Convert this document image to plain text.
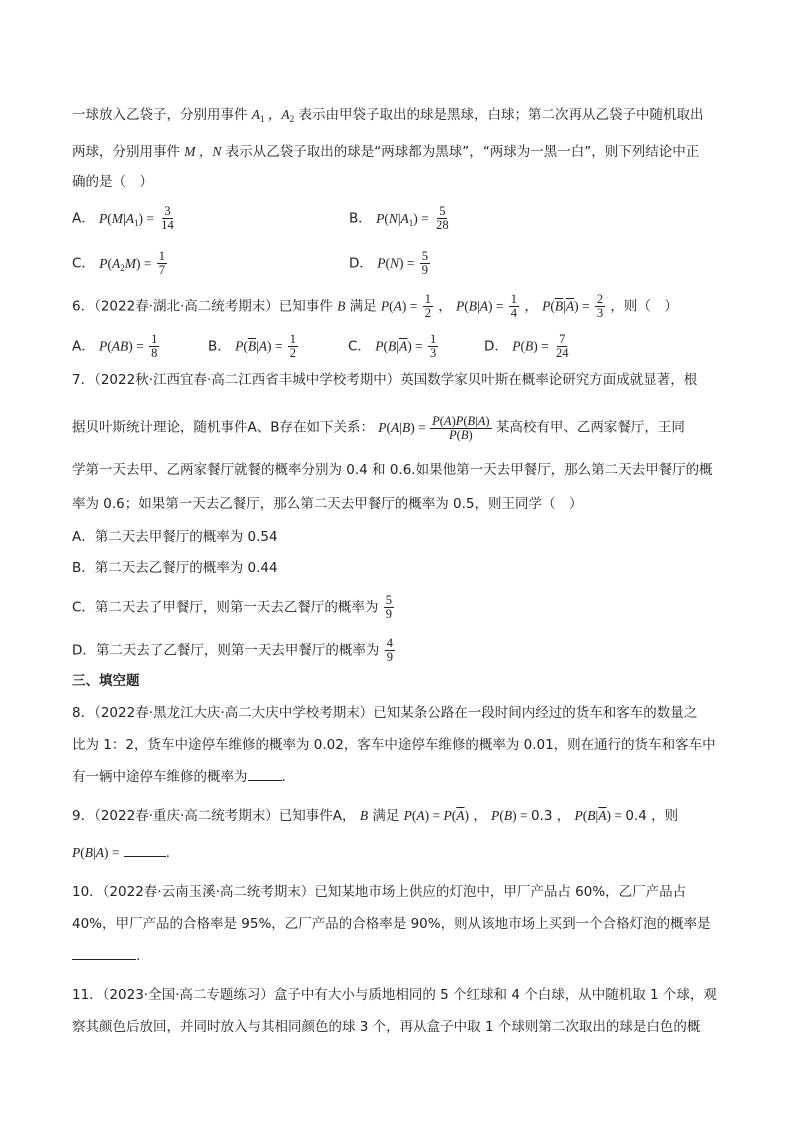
一球放入乙袋子，分别用事件 $A_1$ ，$A_2$ 表示由甲袋子取出的球是黑球，白球；第二次再从乙袋子中随机取出
两球，分别用事件 M ，N 表示从乙袋子取出的球是“两球都为黑球”，“两球为一黑一白”，则下列结论中正
确的是（　）
A． $P(M|A_1) = \frac{3}{14}$	B． $P(N|A_1) = \frac{5}{28}$
C． $P(A_2M) = \frac{1}{7}$	D． $P(N) = \frac{5}{9}$
6．（2022春·湖北·高二统考期末）已知事件 B 满足 $P(A) = \frac{1}{2}$ ， $P(B|A) = \frac{1}{4}$ ， $P(\overline{B}|\overline{A}) = \frac{2}{3}$ ，则（　）
A． $P(AB) = \frac{1}{8}$	B． $P(\overline{B}|A) = \frac{1}{2}$	C． $P(B|\overline{A}) = \frac{1}{3}$	D． $P(B) = \frac{7}{24}$
7．（2022秋·江西宜春·高二江西省丰城中学校考期中）英国数学家贝叶斯在概率论研究方面成就显著，根
据贝叶斯统计理论，随机事件A、B存在如下关系： $P(A|B) = \frac{P(A)P(B|A)}{P(B)}$ 某高校有甲、乙两家餐厅，王同
学第一天去甲、乙两家餐厅就餐的概率分别为 0.4 和 0.6.如果他第一天去甲餐厅，那么第二天去甲餐厅的概
率为 0.6；如果第一天去乙餐厅，那么第二天去甲餐厅的概率为 0.5，则王同学（　）
A．第二天去甲餐厅的概率为 0.54
B．第二天去乙餐厅的概率为 0.44
C．第二天去了甲餐厅，则第一天去乙餐厅的概率为 $\frac{5}{9}$
D．第二天去了乙餐厅，则第一天去甲餐厅的概率为 $\frac{4}{9}$
三、填空题
8．（2022春·黑龙江大庆·高二大庆中学校考期末）已知某条公路在一段时间内经过的货车和客车的数量之
比为 1：2，货车中途停车维修的概率为 0.02，客车中途停车维修的概率为 0.01，则在通行的货车和客车中
有一辆中途停车维修的概率为	.
9．（2022春·重庆·高二统考期末）已知事件A， B 满足 $P(A) = P(\overline{A})$ ， P(B) = 0.3 ， $P(B|\overline{A}) = 0.4$ ，则
P(B|A) =	.
10．（2022春·云南玉溪·高二统考期末）已知某地市场上供应的灯泡中，甲厂产品占 60%，乙厂产品占
40%，甲厂产品的合格率是 95%，乙厂产品的合格率是 90%，则从该地市场上买到一个合格灯泡的概率是
.
11．（2023·全国·高二专题练习）盒子中有大小与质地相同的 5 个红球和 4 个白球，从中随机取 1 个球，观
察其颜色后放回，并同时放入与其相同颜色的球 3 个，再从盒子中取 1 个球则第二次取出的球是白色的概
